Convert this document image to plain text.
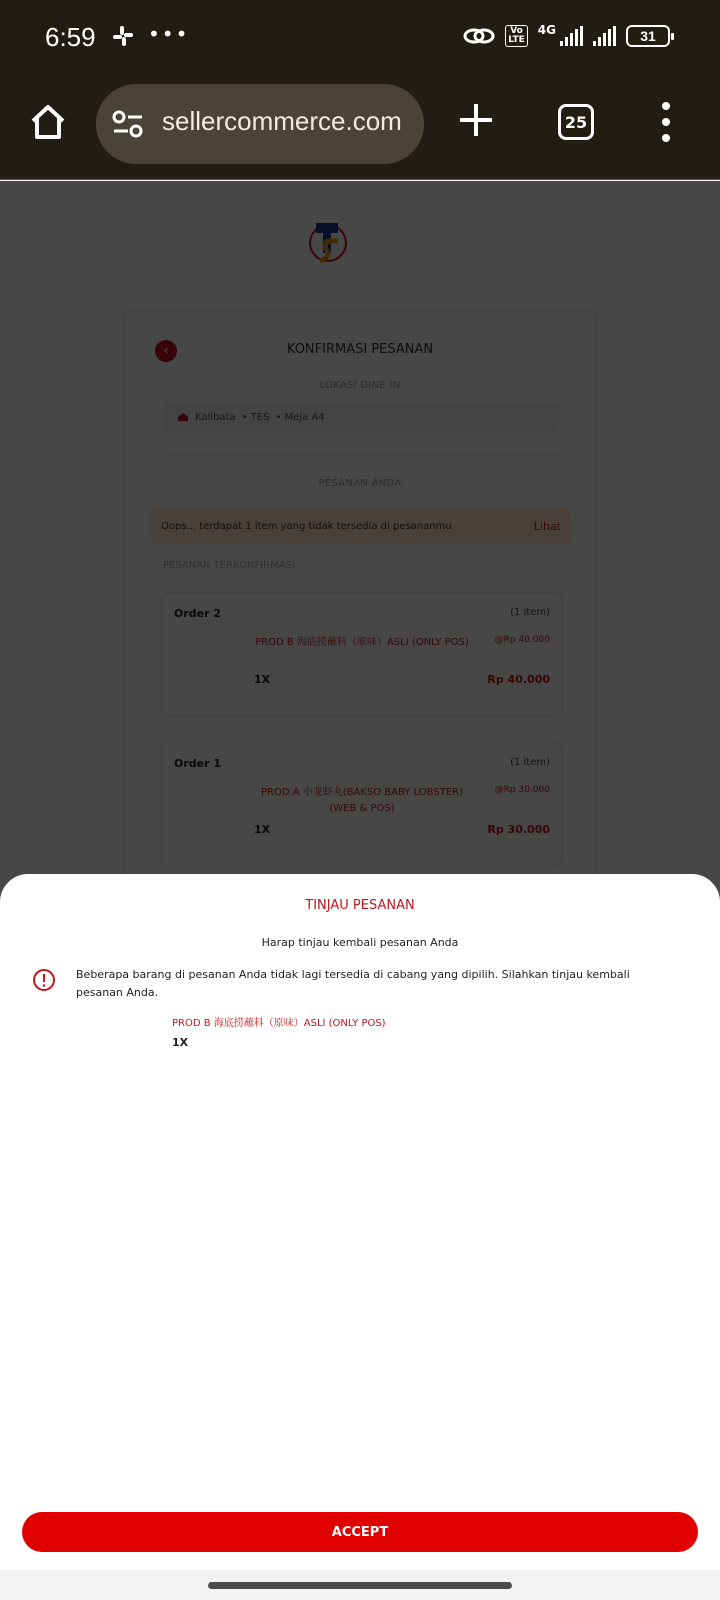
6:59	•••	Vo
LTE
4G	31
sellercommerce.com	25
TINJAU PESANAN
Harap tinjau kembali pesanan Anda
Beberapa barang di pesanan Anda tidak lagi tersedia di cabang yang dipilih. Silahkan tinjau kembali pesanan Anda.
PROD B 海底捞蘸料（原味）ASLI (ONLY POS)
1X
ACCEPT
